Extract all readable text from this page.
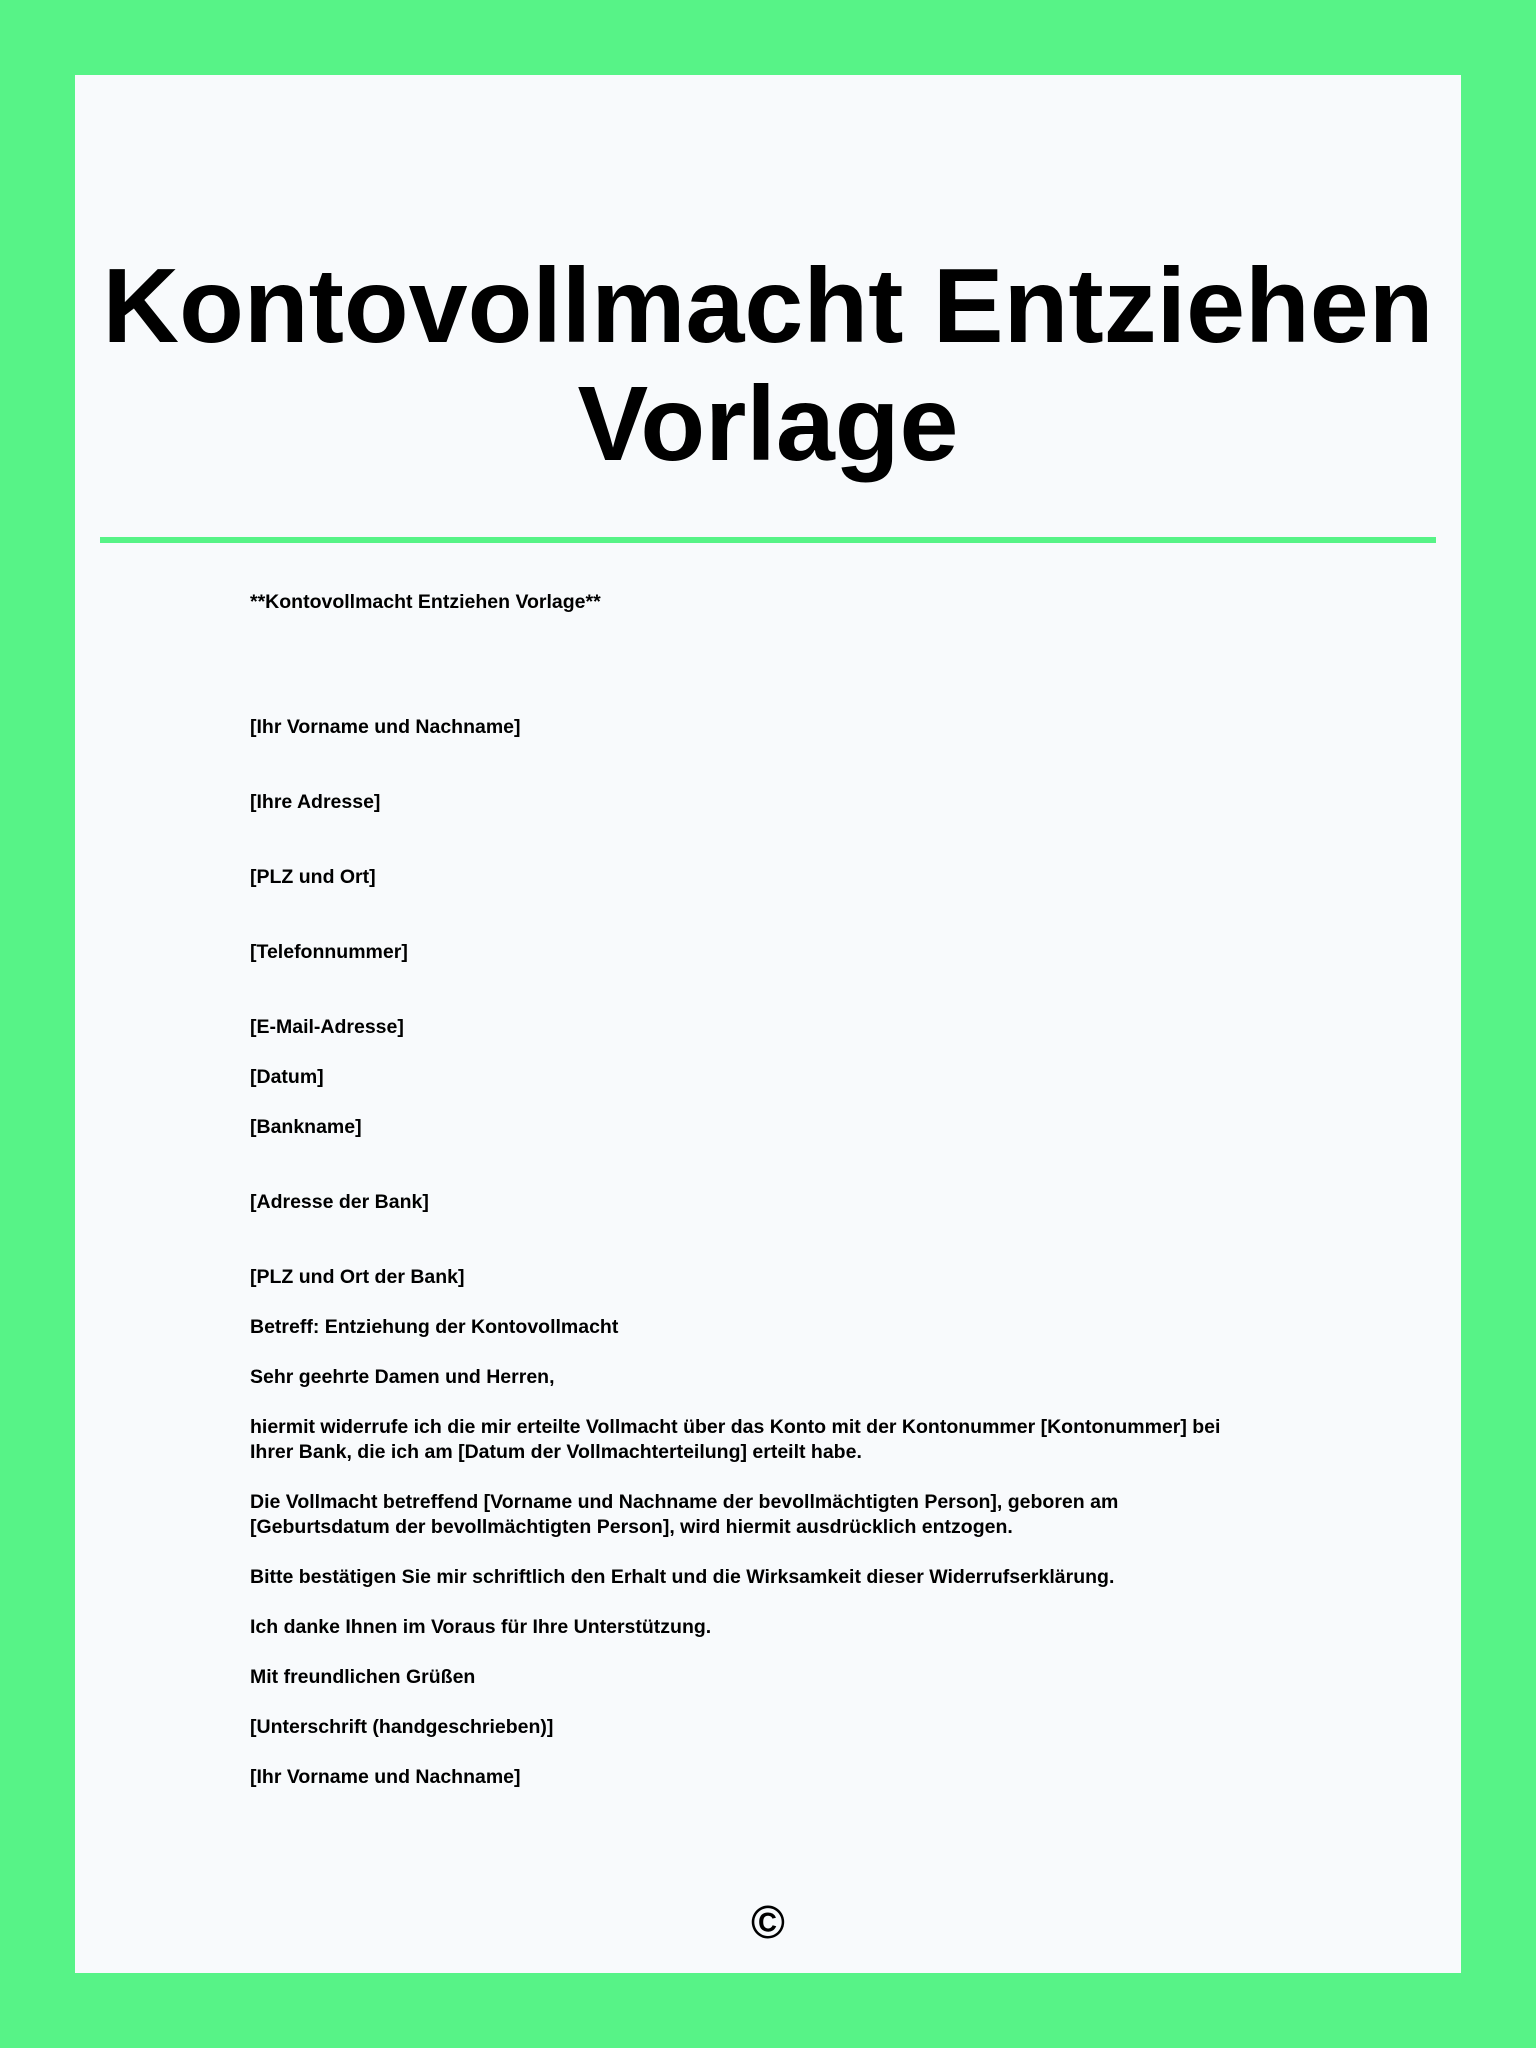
Kontovollmacht Entziehen Vorlage
**Kontovollmacht Entziehen Vorlage**
[Ihr Vorname und Nachname]
[Ihre Adresse]
[PLZ und Ort]
[Telefonnummer]
[E-Mail-Adresse]
[Datum]
[Bankname]
[Adresse der Bank]
[PLZ und Ort der Bank]
Betreff: Entziehung der Kontovollmacht
Sehr geehrte Damen und Herren,
hiermit widerrufe ich die mir erteilte Vollmacht über das Konto mit der Kontonummer [Kontonummer] bei
Ihrer Bank, die ich am [Datum der Vollmachterteilung] erteilt habe.
Die Vollmacht betreffend [Vorname und Nachname der bevollmächtigten Person], geboren am
[Geburtsdatum der bevollmächtigten Person], wird hiermit ausdrücklich entzogen.
Bitte bestätigen Sie mir schriftlich den Erhalt und die Wirksamkeit dieser Widerrufserklärung.
Ich danke Ihnen im Voraus für Ihre Unterstützung.
Mit freundlichen Grüßen
[Unterschrift (handgeschrieben)]
[Ihr Vorname und Nachname]
©
